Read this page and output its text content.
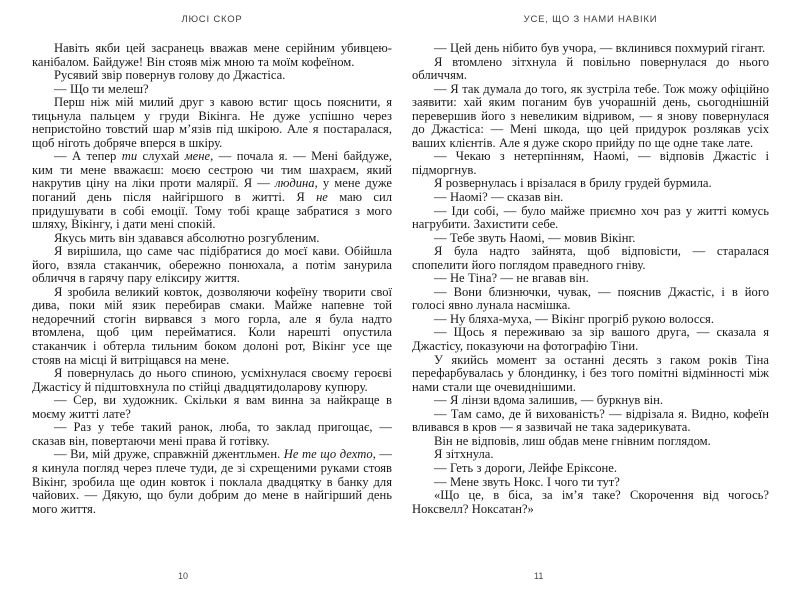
ЛЮСІ СКОР

Навіть якби цей засранець вважав мене серійним убивцею-канібалом. Байдуже! Він стояв між мною та моїм кофеїном.

Русявий звір повернув голову до Джастіса.

— Що ти мелеш?

Перш ніж мій милий друг з кавою встиг щось пояснити, я тицьнула пальцем у груди Вікінга. Не дуже успішно через непристойно товстий шар м’язів під шкірою. Але я постаралася, щоб ніготь добряче вперся в шкіру.

— А тепер ти слухай мене, — почала я. — Мені байдуже, ким ти мене вважаєш: моєю сестрою чи тим шахраєм, який накрутив ціну на ліки проти малярії. Я — людина, у мене дуже поганий день після найгіршого в житті. Я не маю сил придушувати в собі емоції. Тому тобі краще забратися з мого шляху, Вікінгу, і дати мені спокій.

Якусь мить він здавався абсолютно розгубленим.

Я вирішила, що саме час підібратися до моєї кави. Обійшла його, взяла стаканчик, обережно понюхала, а потім занурила обличчя в гарячу пару еліксиру життя.

Я зробила великий ковток, дозволяючи кофеїну творити свої дива, поки мій язик перебирав смаки. Майже напевне той недоречний стогін вирвався з мого горла, але я була надто втомлена, щоб цим перейматися. Коли нарешті опустила стаканчик і обтерла тильним боком долоні рот, Вікінг усе ще стояв на місці й витріщався на мене.

Я повернулась до нього спиною, усміхнулася своєму героєві Джастісу й підштовхнула по стійці двадцятидоларову купюру.

— Сер, ви художник. Скільки я вам винна за найкраще в моєму житті лате?

— Раз у тебе такий ранок, люба, то заклад пригощає, — сказав він, повертаючи мені права й готівку.

— Ви, мій друже, справжній джентльмен. Не те що дехто, — я кинула погляд через плече туди, де зі схрещеними руками стояв Вікінг, зробила ще один ковток і поклала двадцятку в банку для чайових. — Дякую, що були добрим до мене в найгірший день мого життя.

УСЕ, ЩО З НАМИ НАВІКИ

— Цей день нібито був учора, — вклинився похмурий гігант.

Я втомлено зітхнула й повільно повернулася до нього обличчям.

— Я так думала до того, як зустріла тебе. Тож можу офіційно заявити: хай яким поганим був учорашній день, сьогоднішній перевершив його з невеликим відривом, — я знову повернулася до Джастіса: — Мені шкода, що цей придурок розлякав усіх ваших клієнтів. Але я дуже скоро прийду по ще одне таке лате.

— Чекаю з нетерпінням, Наомі, — відповів Джастіс і підморгнув.

Я розвернулась і врізалася в брилу грудей бурмила.

— Наомі? — сказав він.

— Іди собі, — було майже приємно хоч раз у житті комусь нагрубити. Захистити себе.

— Тебе звуть Наомі, — мовив Вікінг.

Я була надто зайнята, щоб відповісти, — старалася спопелити його поглядом праведного гніву.

— Не Тіна? — не вгавав він.

— Вони близнючки, чувак, — пояснив Джастіс, і в його голосі явно лунала насмішка.

— Ну бляха-муха, — Вікінг прогріб рукою волосся.

— Щось я переживаю за зір вашого друга, — сказала я Джастісу, показуючи на фотографію Тіни.

У якийсь момент за останні десять з гаком років Тіна перефарбувалась у блондинку, і без того помітні відмінності між нами стали ще очевиднішими.

— Я лінзи вдома залишив, — буркнув він.

— Там само, де й вихованість? — відрізала я. Видно, кофеїн вливався в кров — я зазвичай не така задерикувата.

Він не відповів, лиш обдав мене гнівним поглядом.

Я зітхнула.

— Геть з дороги, Лейфе Еріксоне.

— Мене звуть Нокс. І чого ти тут?

«Що це, в біса, за ім’я таке? Скорочення від чогось? Ноксвелл? Ноксатан?»

10	11
